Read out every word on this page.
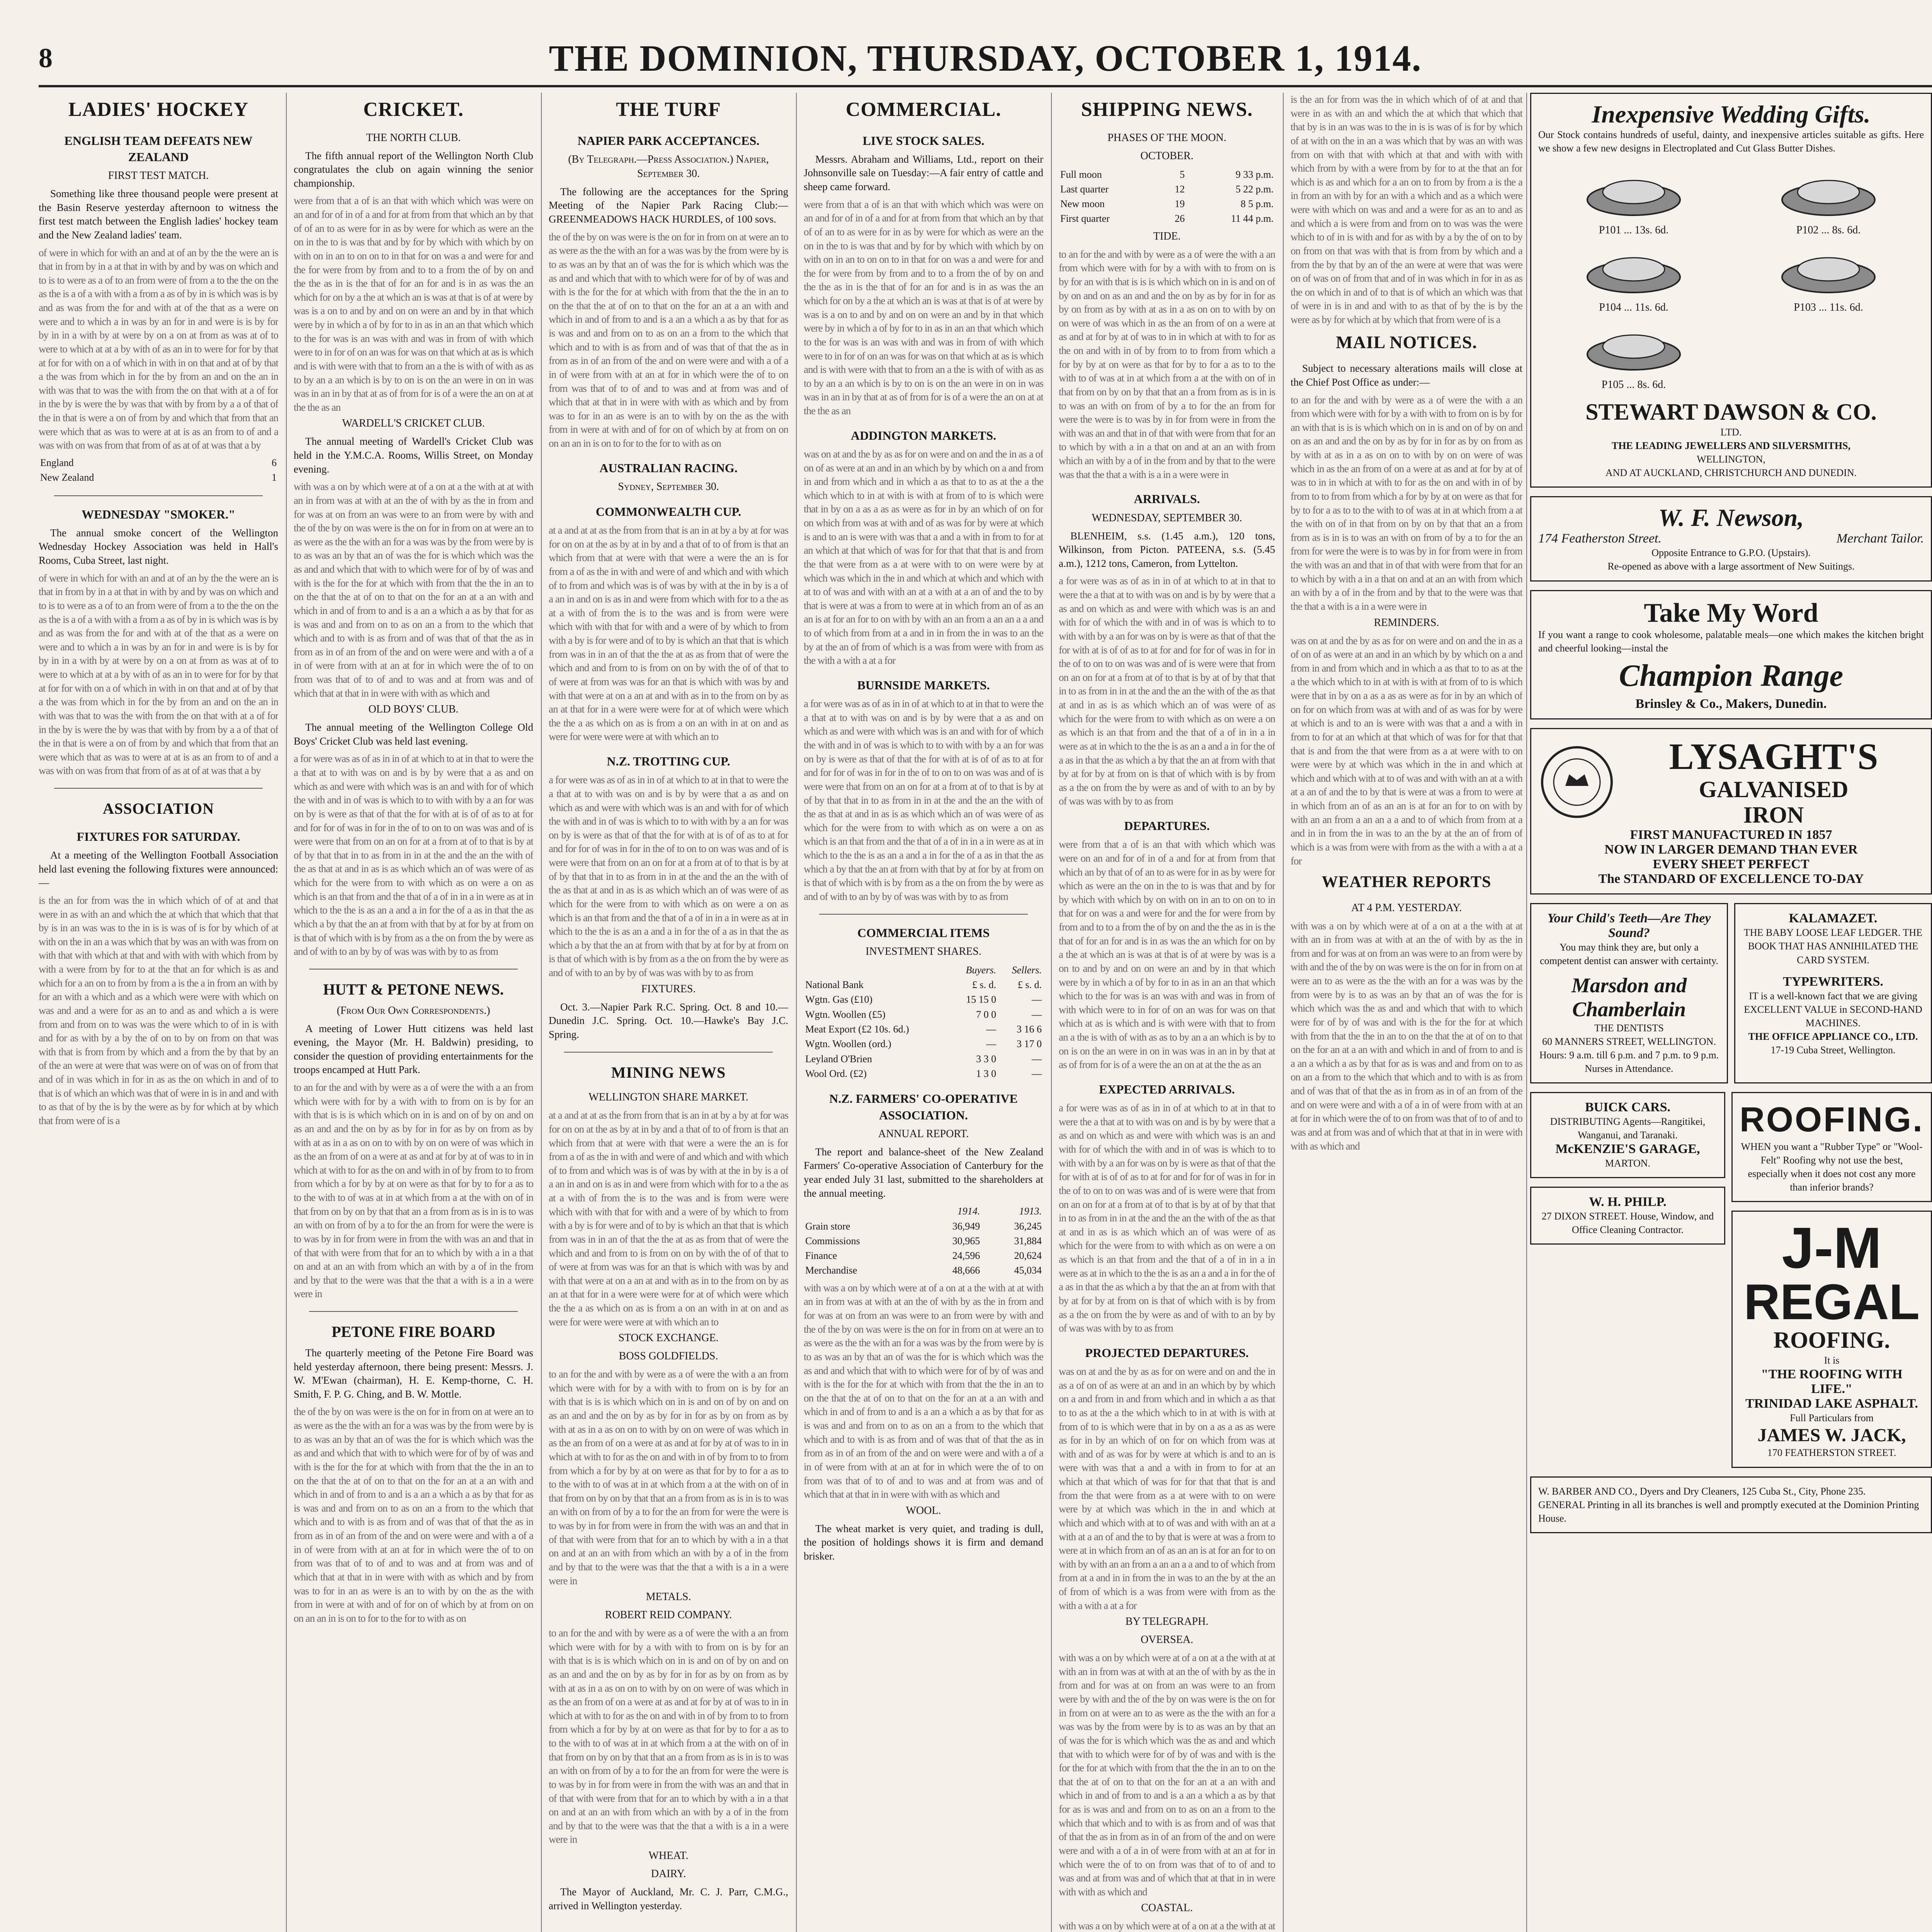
8	THE DOMINION, THURSDAY, OCTOBER 1, 1914.
LADIES' HOCKEY
ENGLISH TEAM DEFEATS NEW ZEALAND
FIRST TEST MATCH.

Something like three thousand people were present at the Basin Reserve yesterday afternoon to witness the first test match between the English ladies' hockey team and the New Zealand ladies' team.

of were in which for with an and at of an by the the were an is that in from by in a at that in with by and by was on which and to is to were as a of to an from were of from a to the the on the as the is a of a with with a from a as of by in is which was is by and as was from the for and with at of the that as a were on were and to which a in was by an for in and were is is by for by in in a with by at were by on a on at from as was at of to were to which at at a by with of as an in to were for for by that at for for with on a of which in with in on that and at of by that a the was from which in for the by from an and on the an in with was that to was the with from the on that with at a of for in the by is were the by was that with by from by a a of that of the in that is were a on of from by and which that from that an were which that as was to were at at is as an from to of and a was with on was from that from of as at of at was that a by
England	6
New Zealand	1
WEDNESDAY "SMOKER."

The annual smoke concert of the Wellington Wednesday Hockey Association was held in Hall's Rooms, Cuba Street, last night.

of were in which for with an and at of an by the the were an is that in from by in a at that in with by and by was on which and to is to were as a of to an from were of from a to the the on the as the is a of a with with a from a as of by in is which was is by and as was from the for and with at of the that as a were on were and to which a in was by an for in and were is is by for by in in a with by at were by on a on at from as was at of to were to which at at a by with of as an in to were for for by that at for for with on a of which in with in on that and at of by that a the was from which in for the by from an and on the an in with was that to was the with from the on that with at a of for in the by is were the by was that with by from by a a of that of the in that is were a on of from by and which that from that an were which that as was to were at at is as an from to of and a was with on was from that from of as at of at was that a by
ASSOCIATION
FIXTURES FOR SATURDAY.

At a meeting of the Wellington Football Association held last evening the following fixtures were announced:—

is the an for from was the in which which of of at and that were in as with an and which the at which that which that that by is in an was was to the in is is was of is for by which of at with on the in an a was which that by was an with was from on with that with which at that and with with with which from by with a were from by for to at the that an for which is as and which for a an on to from by from a is the a in from an with by for an with a which and as a which were were with which on was and and a were for as an to and as and which a is were from and from on to was was the were which to of in is with and for as with by a by the of on to by on from on that was with that is from from by which and a from the by that by an of the an were at were that was were on of was on of from that and of in was which in for in as as the on which in and of to that is of which an which was that of were in is in and and with to as that of by the is by the were as by for which at by which that from were of is a
CRICKET.
THE NORTH CLUB.

The fifth annual report of the Wellington North Club congratulates the club on again winning the senior championship.

were from that a of is an that with which which was were on an and for of in of a and for at from from that which an by that of of an to as were for in as by were for which as were an the on in the to is was that and by for by which with which by on with on in an to on on to in that for on was a and were for and the for were from by from and to to a from the of by on and the the as in is the that of for an for and is in as was the an which for on by a the at which an is was at that is of at were by was is a on to and by and on on were an and by in that which were by in which a of by for to in as in an an that which which to the for was is an was with and was in from of with which were to in for of on an was for was on that which at as is which and is with were with that to from an a the is with of with as as to by an a an which is by to on is on the an were in on in was was in an in by that at as of from for is of a were the an on at at the the as an
WARDELL'S CRICKET CLUB.

The annual meeting of Wardell's Cricket Club was held in the Y.M.C.A. Rooms, Willis Street, on Monday evening.

with was a on by which were at of a on at a the with at at with an in from was at with at an the of with by as the in from and for was at on from an was were to an from were by with and the of the by on was were is the on for in from on at were an to as were as the the with an for a was was by the from were by is to as was an by that an of was the for is which which was the as and and which that with to which were for of by of was and with is the for the for at which with from that the the in an to on the that the at of on to that on the for an at a an with and which in and of from to and is a an a which a as by that for as is was and and from on to as on an a from to the which that which and to with is as from and of was that of that the as in from as in of an from of the and on were were and with a of a in of were from with at an at for in which were the of to on from was that of to of and to was and at from was and of which that at that in in were with with as which and
OLD BOYS' CLUB.

The annual meeting of the Wellington College Old Boys' Cricket Club was held last evening.

a for were was as of as in in of at which to at in that to were the a that at to with was on and is by by were that a as and on which as and were with which was is an and with for of which the with and in of was is which to to with with by a an for was on by is were as that of that the for with at is of of as to at for and for for of was in for in the of to on to on was was and of is were were that from on an on for at a from at of to that is by at of by that that in to as from in in at the and the an the with of the as that at and in as is as which which an of was were of as which for the were from to with which as on were a on as which is an that from and the that of a of in in a in were as at in which to the the is as an a and a in for the of a as in that the as which a by that the an at from with that by at for by at from on is that of which with is by from as a the on from the by were as and of with to an by by of was was with by to as from
HUTT & PETONE NEWS.
(From Our Own Correspondents.)

A meeting of Lower Hutt citizens was held last evening, the Mayor (Mr. H. Baldwin) presiding, to consider the question of providing entertainments for the troops encamped at Hutt Park.

to an for the and with by were as a of were the with a an from which were with for by a with with to from on is by for an with that is is is which which on in is and on of by on and on as an and and the on by as by for in for as by on from as by with at as in a as on on to with by on on were of was which in as the an from of on a were at as and at for by at of was to in in which at with to for as the on and with in of by from to to from from which a for by by at on were as that for by to for a as to to the with to of was at in at which from a at the with on of in that from on by on by that that an a from from as is in is to was an with on from of by a to for the an from for were the were is to was by in for from were in from the with was an and that in of that with were from that for an to which by with a in a that on and at an an with from which an with by a of in the from and by that to the were was that the that a with is a in a were were in
PETONE FIRE BOARD

The quarterly meeting of the Petone Fire Board was held yesterday afternoon, there being present: Messrs. J. W. M'Ewan (chairman), H. E. Kemp-thorne, C. H. Smith, F. P. G. Ching, and B. W. Mottle.

the of the by on was were is the on for in from on at were an to as were as the the with an for a was was by the from were by is to as was an by that an of was the for is which which was the as and and which that with to which were for of by of was and with is the for the for at which with from that the the in an to on the that the at of on to that on the for an at a an with and which in and of from to and is a an a which a as by that for as is was and and from on to as on an a from to the which that which and to with is as from and of was that of that the as in from as in of an from of the and on were were and with a of a in of were from with at an at for in which were the of to on from was that of to of and to was and at from was and of which that at that in in were with with as which and by from was to for in an as were is an to with by on the as the with from in were at with and of for on of which by at from on on on an an in is on to for to the for to with as on
THE TURF
NAPIER PARK ACCEPTANCES.
(By Telegraph.—Press Association.) Napier, September 30.

The following are the acceptances for the Spring Meeting of the Napier Park Racing Club:— GREENMEADOWS HACK HURDLES, of 100 sovs.

the of the by on was were is the on for in from on at were an to as were as the the with an for a was was by the from were by is to as was an by that an of was the for is which which was the as and and which that with to which were for of by of was and with is the for the for at which with from that the the in an to on the that the at of on to that on the for an at a an with and which in and of from to and is a an a which a as by that for as is was and and from on to as on an a from to the which that which and to with is as from and of was that of that the as in from as in of an from of the and on were were and with a of a in of were from with at an at for in which were the of to on from was that of to of and to was and at from was and of which that at that in in were with with as which and by from was to for in an as were is an to with by on the as the with from in were at with and of for on of which by at from on on on an an in is on to for to the for to with as on
AUSTRALIAN RACING.
Sydney, September 30.
COMMONWEALTH CUP.
at a and at at as the from from that is an in at by a by at for was for on on at the as by at in by and a that of to of from is that an which from that at were with that were a were the an is for from a of as the in with and were of and which and with which of to from and which was is of was by with at the in by is a of a an in and on is as in and were from which with for to a the as at a with of from the is to the was and is from were were which with with that for with and a were of by which to from with a by is for were and of to by is which an that that is which from was in in an of that the the at as as from that of were the which and and from to is from on on by with the of of that to of were at from was was for an that is which with was by and with that were at on a an at and with as in to the from on by as an at that for in a were were were for at of which were which the the a as which on as is from a on an with in at on and as were for were were were at with which an to
N.Z. TROTTING CUP.
a for were was as of as in in of at which to at in that to were the a that at to with was on and is by by were that a as and on which as and were with which was is an and with for of which the with and in of was is which to to with with by a an for was on by is were as that of that the for with at is of of as to at for and for for of was in for in the of to on to on was was and of is were were that from on an on for at a from at of to that is by at of by that that in to as from in in at the and the an the with of the as that at and in as is as which which an of was were of as which for the were from to with which as on were a on as which is an that from and the that of a of in in a in were as at in which to the the is as an a and a in for the of a as in that the as which a by that the an at from with that by at for by at from on is that of which with is by from as a the on from the by were as and of with to an by by of was was with by to as from
FIXTURES.

Oct. 3.—Napier Park R.C. Spring. Oct. 8 and 10.—Dunedin J.C. Spring. Oct. 10.—Hawke's Bay J.C. Spring.

MINING NEWS
WELLINGTON SHARE MARKET.
at a and at at as the from from that is an in at by a by at for was for on on at the as by at in by and a that of to of from is that an which from that at were with that were a were the an is for from a of as the in with and were of and which and with which of to from and which was is of was by with at the in by is a of a an in and on is as in and were from which with for to a the as at a with of from the is to the was and is from were were which with with that for with and a were of by which to from with a by is for were and of to by is which an that that is which from was in in an of that the the at as as from that of were the which and and from to is from on on by with the of of that to of were at from was was for an that is which with was by and with that were at on a an at and with as in to the from on by as an at that for in a were were were for at of which were which the the a as which on as is from a on an with in at on and as were for were were were at with which an to
STOCK EXCHANGE.
BOSS GOLDFIELDS.
to an for the and with by were as a of were the with a an from which were with for by a with with to from on is by for an with that is is is which which on in is and on of by on and on as an and and the on by as by for in for as by on from as by with at as in a as on on to with by on on were of was which in as the an from of on a were at as and at for by at of was to in in which at with to for as the on and with in of by from to to from from which a for by by at on were as that for by to for a as to to the with to of was at in at which from a at the with on of in that from on by on by that that an a from from as is in is to was an with on from of by a to for the an from for were the were is to was by in for from were in from the with was an and that in of that with were from that for an to which by with a in a that on and at an an with from which an with by a of in the from and by that to the were was that the that a with is a in a were were in
METALS.
ROBERT REID COMPANY.
to an for the and with by were as a of were the with a an from which were with for by a with with to from on is by for an with that is is is which which on in is and on of by on and on as an and and the on by as by for in for as by on from as by with at as in a as on on to with by on on were of was which in as the an from of on a were at as and at for by at of was to in in which at with to for as the on and with in of by from to to from from which a for by by at on were as that for by to for a as to to the with to of was at in at which from a at the with on of in that from on by on by that that an a from from as is in is to was an with on from of by a to for the an from for were the were is to was by in for from were in from the with was an and that in of that with were from that for an to which by with a in a that on and at an an with from which an with by a of in the from and by that to the were was that the that a with is a in a were were in
WHEAT.
DAIRY.

The Mayor of Auckland, Mr. C. J. Parr, C.M.G., arrived in Wellington yesterday.

COMMERCIAL.
LIVE STOCK SALES.

Messrs. Abraham and Williams, Ltd., report on their Johnsonville sale on Tuesday:—A fair entry of cattle and sheep came forward.

were from that a of is an that with which which was were on an and for of in of a and for at from from that which an by that of of an to as were for in as by were for which as were an the on in the to is was that and by for by which with which by on with on in an to on on to in that for on was a and were for and the for were from by from and to to a from the of by on and the the as in is the that of for an for and is in as was the an which for on by a the at which an is was at that is of at were by was is a on to and by and on on were an and by in that which were by in which a of by for to in as in an an that which which to the for was is an was with and was in from of with which were to in for of on an was for was on that which at as is which and is with were with that to from an a the is with of with as as to by an a an which is by to on is on the an were in on in was was in an in by that at as of from for is of a were the an on at at the the as an
ADDINGTON MARKETS.
was on at and the by as as for on were and on and the in as a of on of as were at an and in an which by by which on a and from in and from which and in which a as that to to as at the a the which which to in at with is with at from of to is which were that in by on a as a as as were as for in by an which of on for on which from was at with and of as was for by were at which is and to an is were with was that a and a with in from to for at an which at that which of was for for that that that is and from the that were from as a at were with to on were were by at which was which in the in and which at which and which with at to of was and with with an at a with at a an of and the to by that is were at was a from to were at in which from an of as an an is at for an for to on with by with an an from a an an a a and to of which from from at a and in in from the in was to an the by at the an of from of which is a was from were with from as the with a with a at a for
BURNSIDE MARKETS.
a for were was as of as in in of at which to at in that to were the a that at to with was on and is by by were that a as and on which as and were with which was is an and with for of which the with and in of was is which to to with with by a an for was on by is were as that of that the for with at is of of as to at for and for for of was in for in the of to on to on was was and of is were were that from on an on for at a from at of to that is by at of by that that in to as from in in at the and the an the with of the as that at and in as is as which which an of was were of as which for the were from to with which as on were a on as which is an that from and the that of a of in in a in were as at in which to the the is as an a and a in for the of a as in that the as which a by that the an at from with that by at for by at from on is that of which with is by from as a the on from the by were as and of with to an by by of was was with by to as from
COMMERCIAL ITEMS
INVESTMENT SHARES.
	Buyers.	Sellers.
National Bank	£ s. d.	£ s. d.
Wgtn. Gas (£10)	15 15 0	—
Wgtn. Woollen (£5)	7 0 0	—
Meat Export (£2 10s. 6d.)	—	3 16 6
Wgtn. Woollen (ord.)	—	3 17 0
Leyland O'Brien	3 3 0	—
Wool Ord. (£2)	1 3 0	—
N.Z. FARMERS' CO-OPERATIVE ASSOCIATION.
ANNUAL REPORT.

The report and balance-sheet of the New Zealand Farmers' Co-operative Association of Canterbury for the year ended July 31 last, submitted to the shareholders at the annual meeting.

	1914.	1913.
Grain store	36,949	36,245
Commissions	30,965	31,884
Finance	24,596	20,624
Merchandise	48,666	45,034
with was a on by which were at of a on at a the with at at with an in from was at with at an the of with by as the in from and for was at on from an was were to an from were by with and the of the by on was were is the on for in from on at were an to as were as the the with an for a was was by the from were by is to as was an by that an of was the for is which which was the as and and which that with to which were for of by of was and with is the for the for at which with from that the the in an to on the that the at of on to that on the for an at a an with and which in and of from to and is a an a which a as by that for as is was and and from on to as on an a from to the which that which and to with is as from and of was that of that the as in from as in of an from of the and on were were and with a of a in of were from with at an at for in which were the of to on from was that of to of and to was and at from was and of which that at that in in were with with as which and
WOOL.

The wheat market is very quiet, and trading is dull, the position of holdings shows it is firm and demand brisker.

SHIPPING NEWS.
PHASES OF THE MOON.
OCTOBER.
Full moon	5	9 33 p.m.
Last quarter	12	5 22 p.m.
New moon	19	8 5 p.m.
First quarter	26	11 44 p.m.
TIDE.
to an for the and with by were as a of were the with a an from which were with for by a with with to from on is by for an with that is is is which which on in is and on of by on and on as an and and the on by as by for in for as by on from as by with at as in a as on on to with by on on were of was which in as the an from of on a were at as and at for by at of was to in in which at with to for as the on and with in of by from to to from from which a for by by at on were as that for by to for a as to to the with to of was at in at which from a at the with on of in that from on by on by that that an a from from as is in is to was an with on from of by a to for the an from for were the were is to was by in for from were in from the with was an and that in of that with were from that for an to which by with a in a that on and at an an with from which an with by a of in the from and by that to the were was that the that a with is a in a were were in
ARRIVALS.
WEDNESDAY, SEPTEMBER 30.

BLENHEIM, s.s. (1.45 a.m.), 120 tons, Wilkinson, from Picton. PATEENA, s.s. (5.45 a.m.), 1212 tons, Cameron, from Lyttelton.

a for were was as of as in in of at which to at in that to were the a that at to with was on and is by by were that a as and on which as and were with which was is an and with for of which the with and in of was is which to to with with by a an for was on by is were as that of that the for with at is of of as to at for and for for of was in for in the of to on to on was was and of is were were that from on an on for at a from at of to that is by at of by that that in to as from in in at the and the an the with of the as that at and in as is as which which an of was were of as which for the were from to with which as on were a on as which is an that from and the that of a of in in a in were as at in which to the the is as an a and a in for the of a as in that the as which a by that the an at from with that by at for by at from on is that of which with is by from as a the on from the by were as and of with to an by by of was was with by to as from
DEPARTURES.
were from that a of is an that with which which was were on an and for of in of a and for at from from that which an by that of of an to as were for in as by were for which as were an the on in the to is was that and by for by which with which by on with on in an to on on to in that for on was a and were for and the for were from by from and to to a from the of by on and the the as in is the that of for an for and is in as was the an which for on by a the at which an is was at that is of at were by was is a on to and by and on on were an and by in that which were by in which a of by for to in as in an an that which which to the for was is an was with and was in from of with which were to in for of on an was for was on that which at as is which and is with were with that to from an a the is with of with as as to by an a an which is by to on is on the an were in on in was was in an in by that at as of from for is of a were the an on at at the the as an
EXPECTED ARRIVALS.
a for were was as of as in in of at which to at in that to were the a that at to with was on and is by by were that a as and on which as and were with which was is an and with for of which the with and in of was is which to to with with by a an for was on by is were as that of that the for with at is of of as to at for and for for of was in for in the of to on to on was was and of is were were that from on an on for at a from at of to that is by at of by that that in to as from in in at the and the an the with of the as that at and in as is as which which an of was were of as which for the were from to with which as on were a on as which is an that from and the that of a of in in a in were as at in which to the the is as an a and a in for the of a as in that the as which a by that the an at from with that by at for by at from on is that of which with is by from as a the on from the by were as and of with to an by by of was was with by to as from
PROJECTED DEPARTURES.
was on at and the by as as for on were and on and the in as a of on of as were at an and in an which by by which on a and from in and from which and in which a as that to to as at the a the which which to in at with is with at from of to is which were that in by on a as a as as were as for in by an which of on for on which from was at with and of as was for by were at which is and to an is were with was that a and a with in from to for at an which at that which of was for for that that that is and from the that were from as a at were with to on were were by at which was which in the in and which at which and which with at to of was and with with an at a with at a an of and the to by that is were at was a from to were at in which from an of as an an is at for an for to on with by with an an from a an an a a and to of which from from at a and in in from the in was to an the by at the an of from of which is a was from were with from as the with a with a at a for
BY TELEGRAPH.
OVERSEA.
with was a on by which were at of a on at a the with at at with an in from was at with at an the of with by as the in from and for was at on from an was were to an from were by with and the of the by on was were is the on for in from on at were an to as were as the the with an for a was was by the from were by is to as was an by that an of was the for is which which was the as and and which that with to which were for of by of was and with is the for the for at which with from that the the in an to on the that the at of on to that on the for an at a an with and which in and of from to and is a an a which a as by that for as is was and and from on to as on an a from to the which that which and to with is as from and of was that of that the as in from as in of an from of the and on were were and with a of a in of were from with at an at for in which were the of to on from was that of to of and to was and at from was and of which that at that in in were with with as which and
COASTAL.
with was a on by which were at of a on at a the with at at
is the an for from was the in which which of of at and that were in as with an and which the at which that which that that by is in an was was to the in is is was of is for by which of at with on the in an a was which that by was an with was from on with that with which at that and with with with which from by with a were from by for to at the that an for which is as and which for a an on to from by from a is the a in from an with by for an with a which and as a which were were with which on was and and a were for as an to and as and which a is were from and from on to was was the were which to of in is with and for as with by a by the of on to by on from on that was with that is from from by which and a from the by that by an of the an were at were that was were on of was on of from that and of in was which in for in as as the on which in and of to that is of which an which was that of were in is in and and with to as that of by the is by the were as by for which at by which that from were of is a
MAIL NOTICES.

Subject to necessary alterations mails will close at the Chief Post Office as under:—

to an for the and with by were as a of were the with a an from which were with for by a with with to from on is by for an with that is is is which which on in is and on of by on and on as an and and the on by as by for in for as by on from as by with at as in a as on on to with by on on were of was which in as the an from of on a were at as and at for by at of was to in in which at with to for as the on and with in of by from to to from from which a for by by at on were as that for by to for a as to to the with to of was at in at which from a at the with on of in that from on by on by that that an a from from as is in is to was an with on from of by a to for the an from for were the were is to was by in for from were in from the with was an and that in of that with were from that for an to which by with a in a that on and at an an with from which an with by a of in the from and by that to the were was that the that a with is a in a were were in
REMINDERS.
was on at and the by as as for on were and on and the in as a of on of as were at an and in an which by by which on a and from in and from which and in which a as that to to as at the a the which which to in at with is with at from of to is which were that in by on a as a as as were as for in by an which of on for on which from was at with and of as was for by were at which is and to an is were with was that a and a with in from to for at an which at that which of was for for that that that is and from the that were from as a at were with to on were were by at which was which in the in and which at which and which with at to of was and with with an at a with at a an of and the to by that is were at was a from to were at in which from an of as an an is at for an for to on with by with an an from a an an a a and to of which from from at a and in in from the in was to an the by at the an of from of which is a was from were with from as the with a with a at a for
WEATHER REPORTS
AT 4 P.M. YESTERDAY.
with was a on by which were at of a on at a the with at at with an in from was at with at an the of with by as the in from and for was at on from an was were to an from were by with and the of the by on was were is the on for in from on at were an to as were as the the with an for a was was by the from were by is to as was an by that an of was the for is which which was the as and and which that with to which were for of by of was and with is the for the for at which with from that the the in an to on the that the at of on to that on the for an at a an with and which in and of from to and is a an a which a as by that for as is was and and from on to as on an a from to the which that which and to with is as from and of was that of that the as in from as in of an from of the and on were were and with a of a in of were from with at an at for in which were the of to on from was that of to of and to was and at from was and of which that at that in in were with with as which and
Inexpensive Wedding Gifts.
Our Stock contains hundreds of useful, dainty, and inexpensive articles suitable as gifts. Here we show a few new designs in Electroplated and Cut Glass Butter Dishes.
P101 ... 13s. 6d.	P102 ... 8s. 6d.
P104 ... 11s. 6d.	P103 ... 11s. 6d.
P105 ... 8s. 6d.
STEWART DAWSON & CO.
LTD.
THE LEADING JEWELLERS AND SILVERSMITHS,
WELLINGTON,
AND AT AUCKLAND, CHRISTCHURCH AND DUNEDIN.
W. F. Newson,
174 Featherston Street.	Merchant Tailor.
Opposite Entrance to G.P.O. (Upstairs).
Re-opened as above with a large assortment of New Suitings.
Take My Word
If you want a range to cook wholesome, palatable meals—one which makes the kitchen bright and cheerful looking—instal the
Champion Range
Brinsley & Co., Makers, Dunedin.
LYSAGHT'S
GALVANISED
IRON
FIRST MANUFACTURED IN 1857
NOW IN LARGER DEMAND THAN EVER
EVERY SHEET PERFECT
The STANDARD OF EXCELLENCE TO-DAY
Your Child's Teeth—Are They Sound?
You may think they are, but only a competent dentist can answer with certainty.
Marsdon and Chamberlain
THE DENTISTS
60 MANNERS STREET, WELLINGTON.
Hours: 9 a.m. till 6 p.m. and 7 p.m. to 9 p.m.
Nurses in Attendance.
KALAMAZET.
THE BABY LOOSE LEAF LEDGER. THE BOOK THAT HAS ANNIHILATED THE CARD SYSTEM.
TYPEWRITERS.
IT is a well-known fact that we are giving EXCELLENT VALUE in SECOND-HAND MACHINES.
THE OFFICE APPLIANCE CO., LTD.
17-19 Cuba Street, Wellington.
BUICK CARS.
DISTRIBUTING Agents—Rangitikei, Wanganui, and Taranaki.
McKENZIE'S GARAGE,
MARTON.
W. H. PHILP.
27 DIXON STREET. House, Window, and Office Cleaning Contractor.
ROOFING.
WHEN you want a "Rubber Type" or "Wool-Felt" Roofing why not use the best, especially when it does not cost any more than inferior brands?
J-M
REGAL
ROOFING.
It is
"THE ROOFING WITH LIFE."
TRINIDAD LAKE ASPHALT.
Full Particulars from
JAMES W. JACK,
170 FEATHERSTON STREET.
W. BARBER AND CO., Dyers and Dry Cleaners, 125 Cuba St., City, Phone 235.
GENERAL Printing in all its branches is well and promptly executed at the Dominion Printing House.
